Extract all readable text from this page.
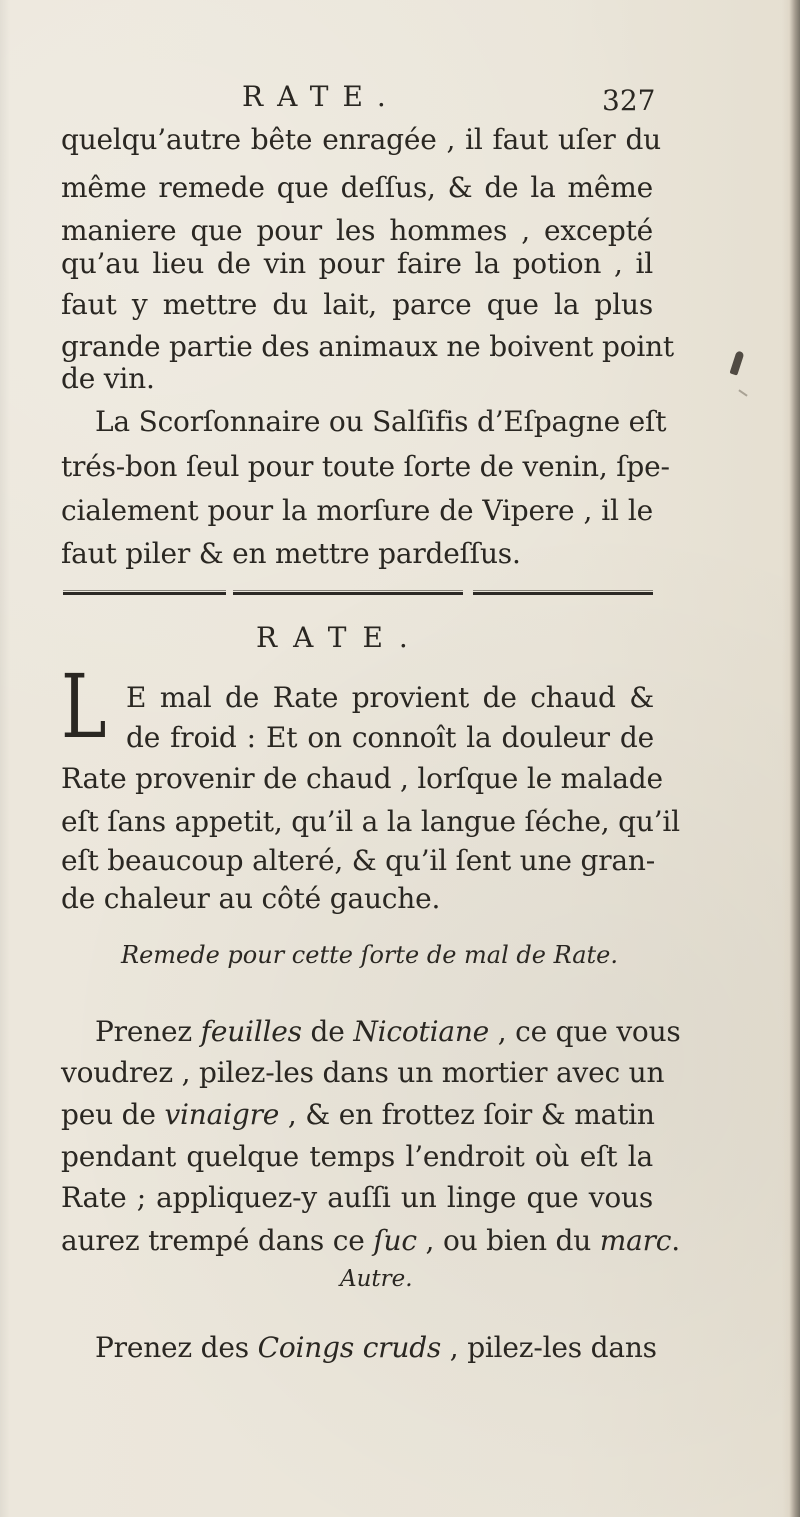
RATE.	327
quelqu’autre bête enragée , il faut uſer du
même remede que deſſus, & de la même
maniere que pour les hommes , excepté
qu’au lieu de vin pour faire la potion , il
faut y mettre du lait, parce que la plus
grande partie des animaux ne boivent point
de vin.
La Scorſonnaire ou Salſifis d’Eſpagne eſt
trés-bon ſeul pour toute ſorte de venin, ſpe-
cialement pour la morſure de Vipere , il le
faut piler & en mettre pardeſſus.
RATE.
L E mal de Rate provient de chaud &
de froid : Et on connoît la douleur de
Rate provenir de chaud , lorſque le malade
eſt ſans appetit, qu’il a la langue ſéche, qu’il
eſt beaucoup alteré, & qu’il ſent une gran-
de chaleur au côté gauche.
Remede pour cette ſorte de mal de Rate.
Prenez feuilles de Nicotiane , ce que vous
voudrez , pilez-les dans un mortier avec un
peu de vinaigre , & en frottez ſoir & matin
pendant quelque temps l’endroit où eſt la
Rate ; appliquez-y auſſi un linge que vous
aurez trempé dans ce ſuc , ou bien du marc.
Autre.
Prenez des Coings cruds , pilez-les dans
